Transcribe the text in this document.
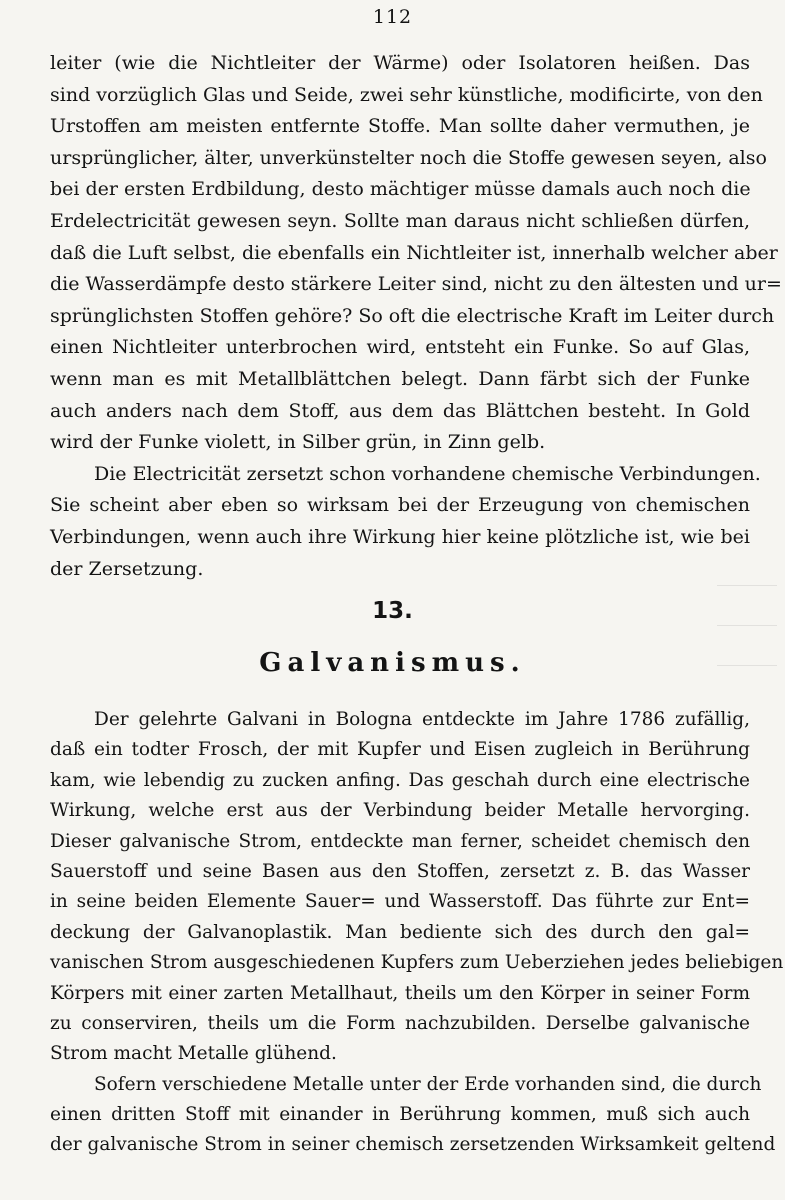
112
leiter (wie die Nichtleiter der Wärme) oder Isolatoren heißen. Das
sind vorzüglich Glas und Seide, zwei sehr künstliche, modificirte, von den
Urstoffen am meisten entfernte Stoffe. Man sollte daher vermuthen, je
ursprünglicher, älter, unverkünstelter noch die Stoffe gewesen seyen, also
bei der ersten Erdbildung, desto mächtiger müsse damals auch noch die
Erdelectricität gewesen seyn. Sollte man daraus nicht schließen dürfen,
daß die Luft selbst, die ebenfalls ein Nichtleiter ist, innerhalb welcher aber
die Wasserdämpfe desto stärkere Leiter sind, nicht zu den ältesten und ur=
sprünglichsten Stoffen gehöre? So oft die electrische Kraft im Leiter durch
einen Nichtleiter unterbrochen wird, entsteht ein Funke. So auf Glas,
wenn man es mit Metallblättchen belegt. Dann färbt sich der Funke
auch anders nach dem Stoff, aus dem das Blättchen besteht. In Gold
wird der Funke violett, in Silber grün, in Zinn gelb.
Die Electricität zersetzt schon vorhandene chemische Verbindungen.
Sie scheint aber eben so wirksam bei der Erzeugung von chemischen
Verbindungen, wenn auch ihre Wirkung hier keine plötzliche ist, wie bei
der Zersetzung.
13.
Galvanismus.
Der gelehrte Galvani in Bologna entdeckte im Jahre 1786 zufällig,
daß ein todter Frosch, der mit Kupfer und Eisen zugleich in Berührung
kam, wie lebendig zu zucken anfing. Das geschah durch eine electrische
Wirkung, welche erst aus der Verbindung beider Metalle hervorging.
Dieser galvanische Strom, entdeckte man ferner, scheidet chemisch den
Sauerstoff und seine Basen aus den Stoffen, zersetzt z. B. das Wasser
in seine beiden Elemente Sauer= und Wasserstoff. Das führte zur Ent=
deckung der Galvanoplastik. Man bediente sich des durch den gal=
vanischen Strom ausgeschiedenen Kupfers zum Ueberziehen jedes beliebigen
Körpers mit einer zarten Metallhaut, theils um den Körper in seiner Form
zu conserviren, theils um die Form nachzubilden. Derselbe galvanische
Strom macht Metalle glühend.
Sofern verschiedene Metalle unter der Erde vorhanden sind, die durch
einen dritten Stoff mit einander in Berührung kommen, muß sich auch
der galvanische Strom in seiner chemisch zersetzenden Wirksamkeit geltend
